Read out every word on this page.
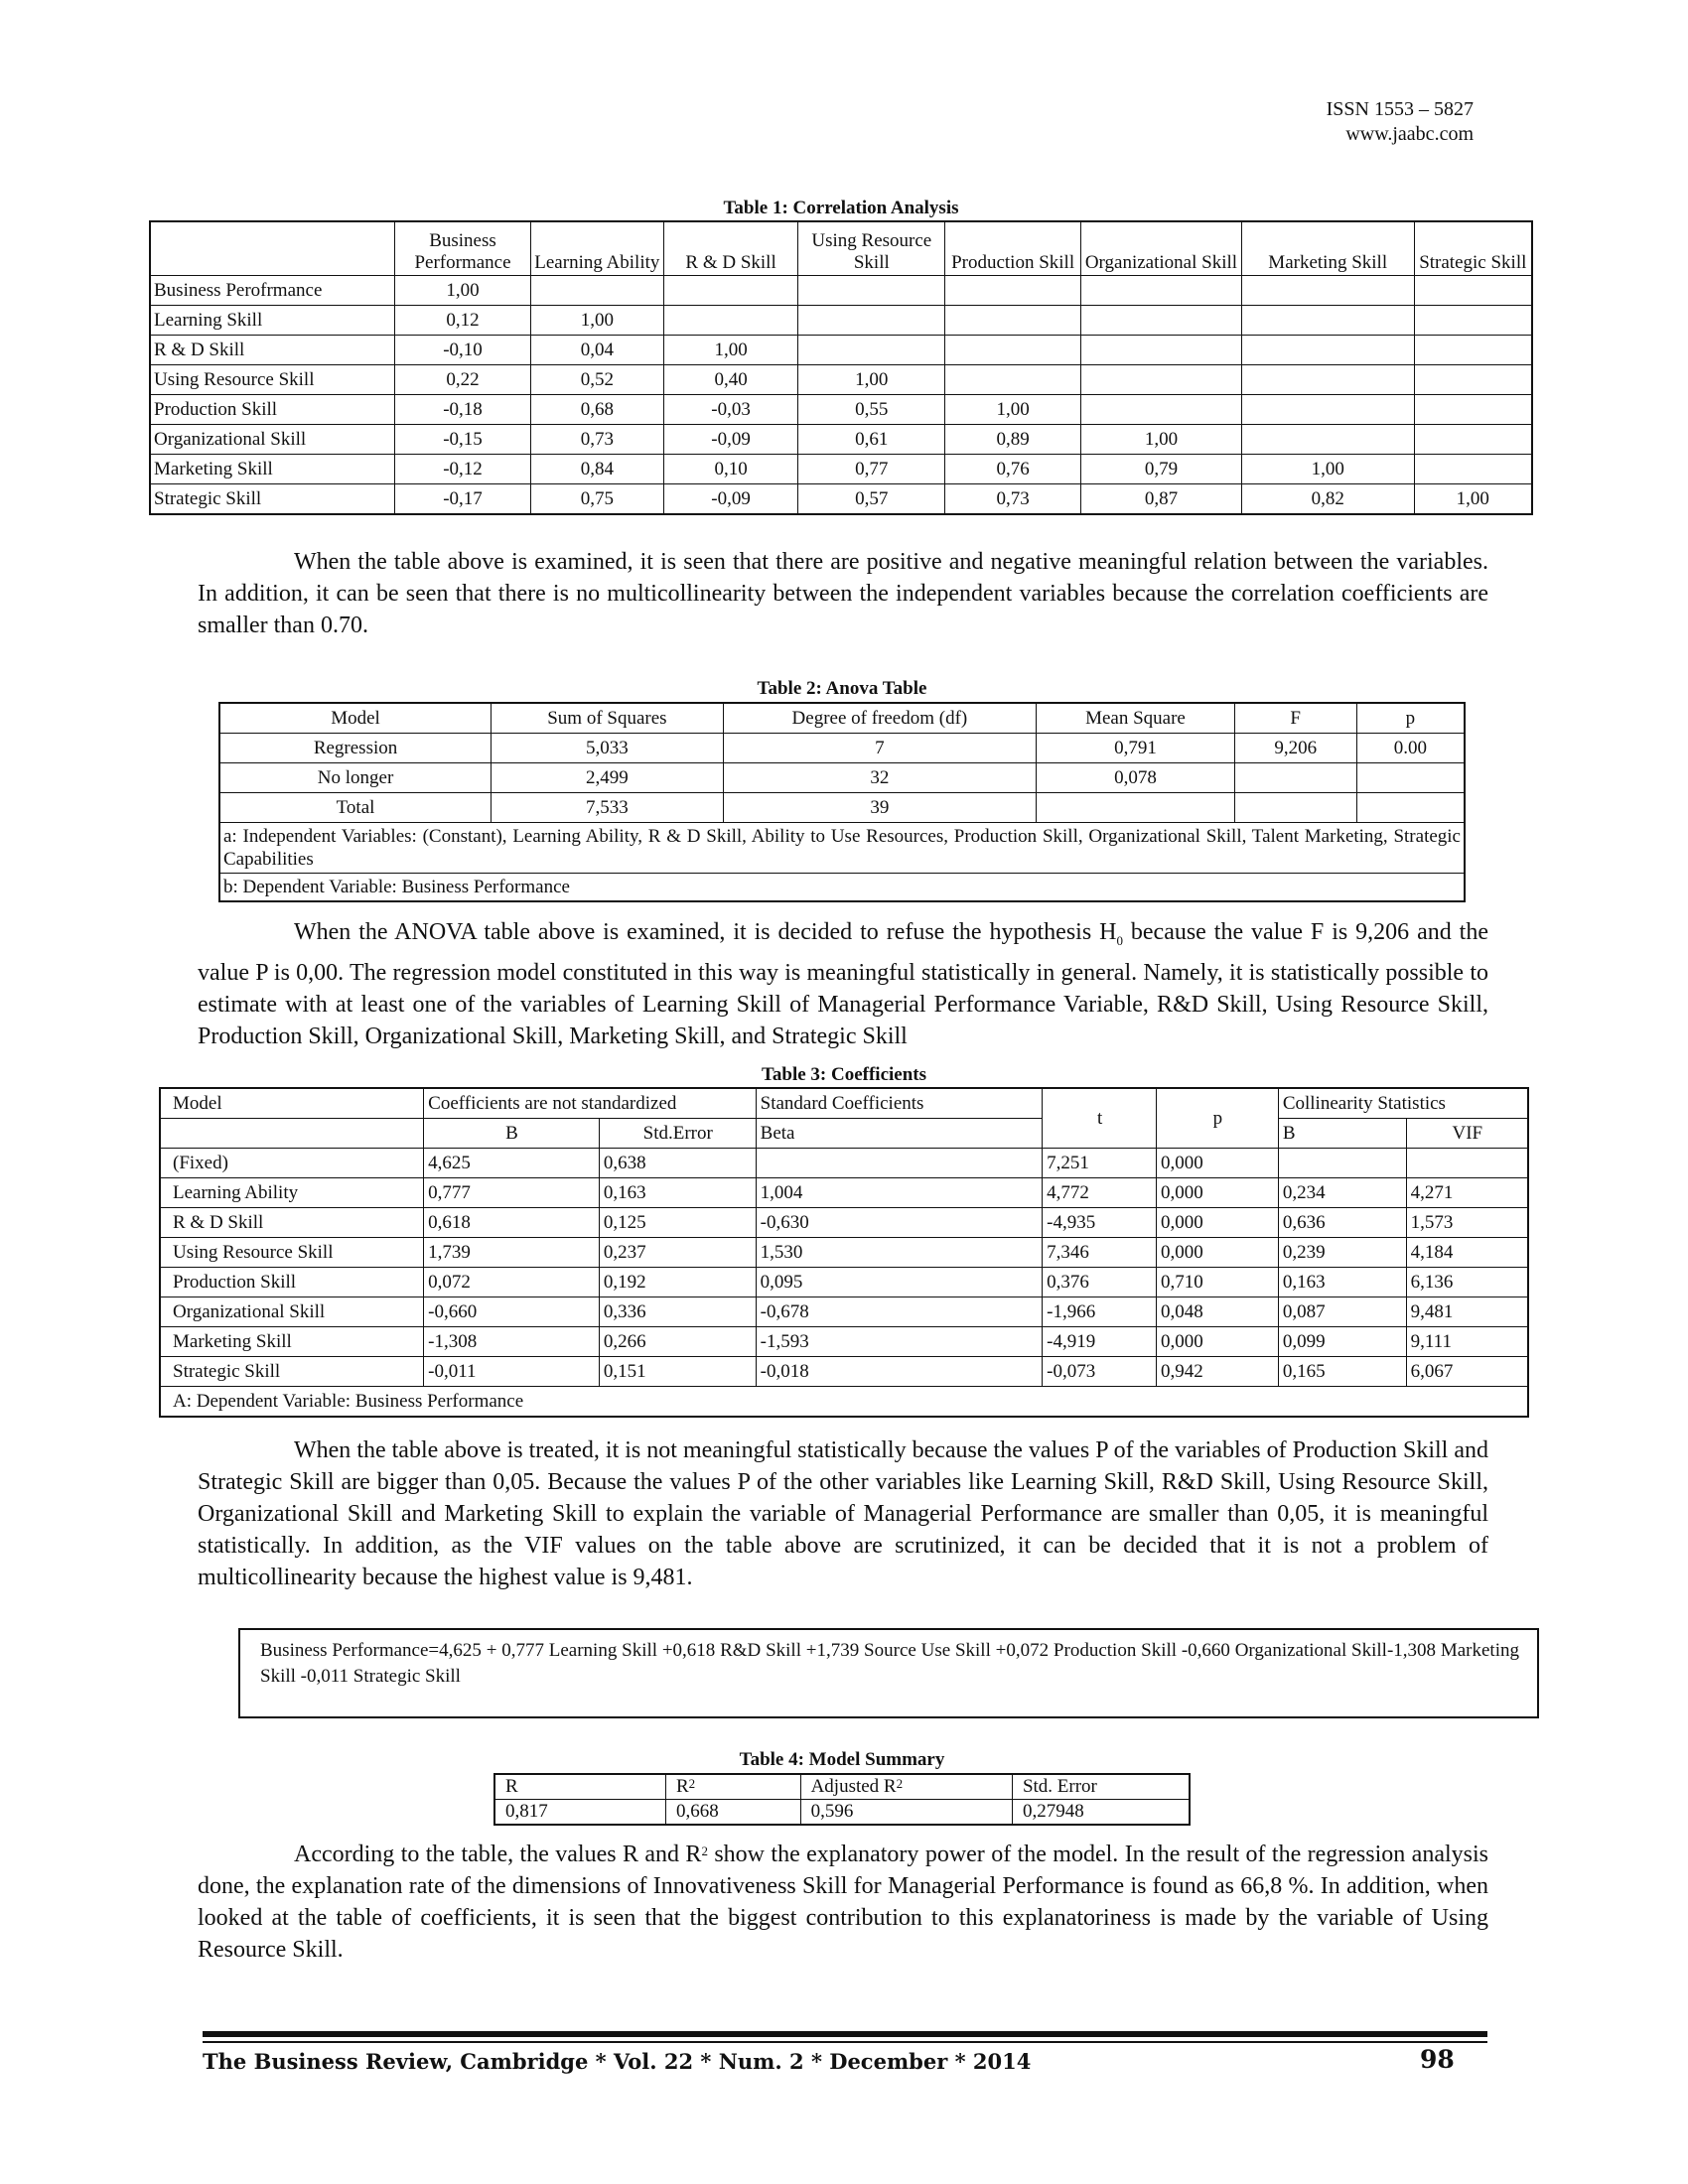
ISSN 1553 – 5827
www.jaabc.com
Table 1: Correlation Analysis
	Business Performance	Learning Ability	R & D Skill	Using Resource Skill	Production Skill	Organizational Skill	Marketing Skill	Strategic Skill
Business Perofrmance	1,00							
Learning Skill	0,12	1,00						
R & D Skill	-0,10	0,04	1,00					
Using Resource Skill	0,22	0,52	0,40	1,00				
Production Skill	-0,18	0,68	-0,03	0,55	1,00			
Organizational Skill	-0,15	0,73	-0,09	0,61	0,89	1,00		
Marketing Skill	-0,12	0,84	0,10	0,77	0,76	0,79	1,00	
Strategic Skill	-0,17	0,75	-0,09	0,57	0,73	0,87	0,82	1,00

When the table above is examined, it is seen that there are positive and negative meaningful relation between the variables. In addition, it can be seen that there is no multicollinearity between the independent variables because the correlation coefficients are smaller than 0.70.

Table 2: Anova Table
Model	Sum of Squares	Degree of freedom (df)	Mean Square	F	p
Regression	5,033	7	0,791	9,206	0.00
No longer	2,499	32	0,078		
Total	7,533	39			
a: Independent Variables: (Constant), Learning Ability, R & D Skill, Ability to Use Resources, Production Skill, Organizational Skill, Talent Marketing, Strategic Capabilities					
b: Dependent Variable: Business Performance					

When the ANOVA table above is examined, it is decided to refuse the hypothesis $H_0$ because the value F is 9,206 and the value P is 0,00. The regression model constituted in this way is meaningful statistically in general. Namely, it is statistically possible to estimate with at least one of the variables of Learning Skill of Managerial Performance Variable, R&D Skill, Using Resource Skill, Production Skill, Organizational Skill, Marketing Skill, and Strategic Skill

Table 3: Coefficients
Model	Coefficients are not standardized		Standard Coefficients	t	p	Collinearity Statistics	
	B	Std.Error	Beta			B	VIF
(Fixed)	4,625	0,638		7,251	0,000		
Learning Ability	0,777	0,163	1,004	4,772	0,000	0,234	4,271
R & D Skill	0,618	0,125	-0,630	-4,935	0,000	0,636	1,573
Using Resource Skill	1,739	0,237	1,530	7,346	0,000	0,239	4,184
Production Skill	0,072	0,192	0,095	0,376	0,710	0,163	6,136
Organizational Skill	-0,660	0,336	-0,678	-1,966	0,048	0,087	9,481
Marketing Skill	-1,308	0,266	-1,593	-4,919	0,000	0,099	9,111
Strategic Skill	-0,011	0,151	-0,018	-0,073	0,942	0,165	6,067
A: Dependent Variable: Business Performance							

When the table above is treated, it is not meaningful statistically because the values P of the variables of Production Skill and Strategic Skill are bigger than 0,05. Because the values P of the other variables like Learning Skill, R&D Skill, Using Resource Skill, Organizational Skill and Marketing Skill to explain the variable of Managerial Performance are smaller than 0,05, it is meaningful statistically. In addition, as the VIF values on the table above are scrutinized, it can be decided that it is not a problem of multicollinearity because the highest value is 9,481.

Business Performance=4,625 + 0,777 Learning Skill +0,618 R&D Skill +1,739 Source Use Skill +0,072 Production Skill -0,660 Organizational Skill-1,308 Marketing Skill -0,011 Strategic Skill
Table 4: Model Summary
R	$R^2$	Adjusted $R^2$	Std. Error
0,817	0,668	0,596	0,27948

According to the table, the values R and $R^2$ show the explanatory power of the model. In the result of the regression analysis done, the explanation rate of the dimensions of Innovativeness Skill for Managerial Performance is found as 66,8 %. In addition, when looked at the table of coefficients, it is seen that the biggest contribution to this explanatoriness is made by the variable of Using Resource Skill.

The Business Review, Cambridge * Vol. 22 * Num. 2 * December * 2014	98
